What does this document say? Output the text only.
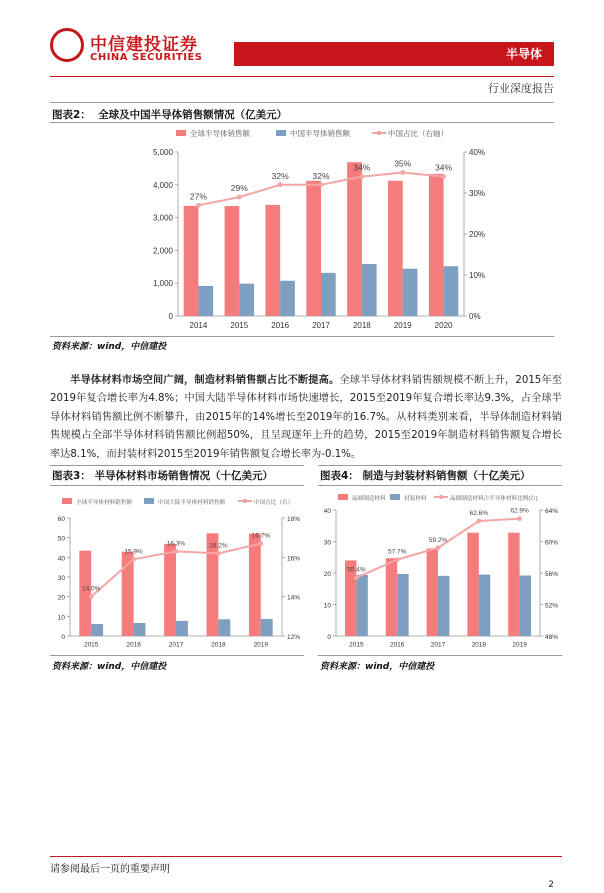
中信建投证券
CHINA SECURITIES	半导体
行业深度报告
图表2： 全球及中国半导体销售额情况（亿美元）
全球半导体销售额	中国半导体销售额	中国占比（右轴）
0
1,000
2,000
3,000
4,000
5,000
0%
10%
20%
30%
40%
2014	2015	2016	2017	2018	2019	2020
27%
29%
32%	32%
34%	35%	34%
资料来源：wind，中信建投
半导体材料市场空间广阔，制造材料销售额占比不断提高。全球半导体材料销售额规模不断上升，2015年至2019年复合增长率为4.8%；中国大陆半导体材料市场快速增长，2015至2019年复合增长率达9.3%，占全球半导体材料销售额比例不断攀升，由2015年的14%增长至2019年的16.7%。从材料类别来看，半导体制造材料销售规模占全部半导体材料销售额比例超50%，且呈现逐年上升的趋势，2015至2019年制造材料销售额复合增长率达8.1%，而封装材料2015至2019年销售额复合增长率为-0.1%。
图表3： 半导体材料市场销售情况（十亿美元）
全球半导体材料销售额	中国大陆半导体材料销售额	中国占比（右）
0
10
20
30
40
50
60
12%
14%
16%
18%
2015	2016	2017	2018	2019
14.0%
15.9%
16.3%	16.2%
16.7%
资料来源：wind，中信建投
图表4： 制造与封装材料销售额（十亿美元）
晶圆制造材料	封装材料	晶圆制造材料占半导体材料比例(右)
0
10
20
30
40
48%
52%
56%
60%
64%
2015	2016	2017	2018	2019
55.4%
57.7%
59.2%
62.6%	62.9%
资料来源：wind，中信建投
请参阅最后一页的重要声明
2
